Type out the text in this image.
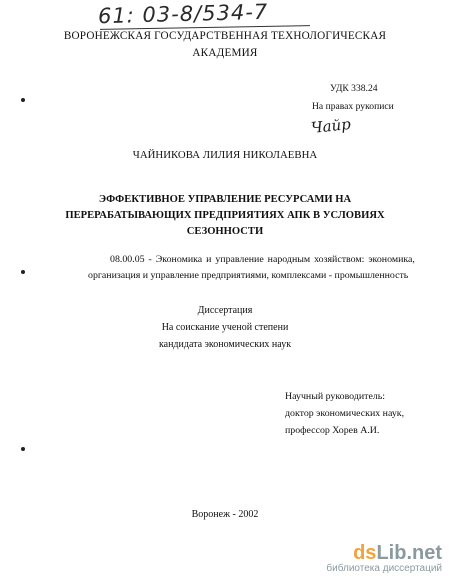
61: 03-8/534-7
ВОРОНЕЖСКАЯ ГОСУДАРСТВЕННАЯ ТЕХНОЛОГИЧЕСКАЯ
АКАДЕМИЯ
УДК 338.24
На правах рукописи
Чайр
ЧАЙНИКОВА ЛИЛИЯ НИКОЛАЕВНА
ЭФФЕКТИВНОЕ УПРАВЛЕНИЕ РЕСУРСАМИ НА
ПЕРЕРАБАТЫВАЮЩИХ ПРЕДПРИЯТИЯХ АПК В УСЛОВИЯХ
СЕЗОННОСТИ
08.00.05 - Экономика и управление народным хозяйством: экономика,
организация и управление предприятиями, комплексами - промышленность
Диссертация
На соискание ученой степени
кандидата экономических наук
Научный руководитель:
доктор экономических наук,
профессор Хорев А.И.
Воронеж - 2002
ds Lib .net
библиотека диссертаций
